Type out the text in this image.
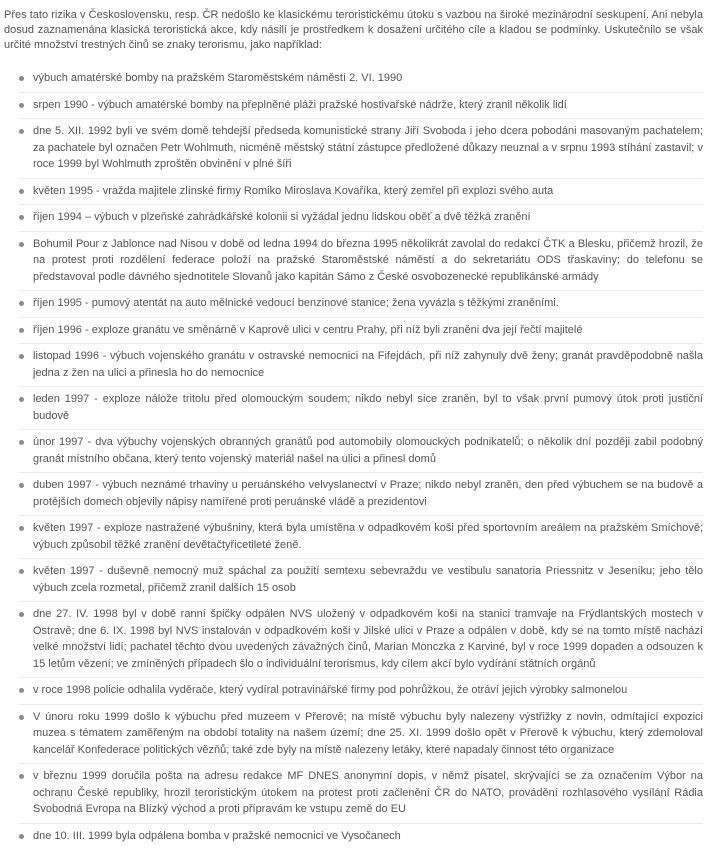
Přes tato rizika v Československu, resp. ČR nedošlo ke klasickému teroristickému útoku s vazbou na široké mezinárodní seskupení. Ani nebyla dosud zaznamenána klasická teroristická akce, kdy násilí je prostředkem k dosažení určitého cíle a kladou se podmínky. Uskutečnilo se však určité množství trestných činů se znaky terorismu, jako například:

výbuch amatérské bomby na pražském Staroměstském náměstí 2. VI. 1990
srpen 1990 - výbuch amatérské bomby na přeplněné pláži pražské hostivařské nádrže, který zranil několik lidí
dne 5. XII. 1992 byli ve svém domě tehdejší předseda komunistické strany Jiří Svoboda i jeho dcera pobodáni masovaným pachatelem; za pachatele byl označen Petr Wohlmuth, nicméně městský státní zástupce předložené důkazy neuznal a v srpnu 1993 stíhání zastavil; v roce 1999 byl Wohlmuth zproštěn obvinění v plné šíři
květen 1995 - vražda majitele zlínské firmy Romiko Miroslava Kovaříka, který zemřel při explozi svého auta
říjen 1994 – výbuch v plzeňské zahrádkářské kolonii si vyžádal jednu lidskou oběť a dvě těžká zranění
Bohumil Pour z Jablonce nad Nisou v době od ledna 1994 do března 1995 několikrát zavolal do redakcí ČTK a Blesku, přičemž hrozil, že na protest proti rozdělení federace položí na pražské Staroměstské náměstí a do sekretariátu ODS třaskaviny; do telefonu se představoval podle dávného sjednotitele Slovanů jako kapitán Sámo z České osvobozenecké republikánské armády
říjen 1995 - pumový atentát na auto mělnické vedoucí benzinové stanice; žena vyvázla s těžkými zraněními.
říjen 1996 - exploze granátu ve směnárně v Kaprově ulici v centru Prahy, při níž byli zraněni dva její řečtí majitelé
listopad 1996 - výbuch vojenského granátu v ostravské nemocnici na Fifejdách, při níž zahynuly dvě ženy; granát pravděpodobně našla jedna z žen na ulici a přinesla ho do nemocnice
leden 1997 - exploze nálože tritolu před olomouckým soudem; nikdo nebyl sice zraněn, byl to však první pumový útok proti justiční budově
únor 1997 - dva výbuchy vojenských obranných granátů pod automobily olomouckých podnikatelů; o několik dní později zabil podobný granát místního občana, který tento vojenský materiál našel na ulici a přinesl domů
duben 1997 - výbuch neznámé trhaviny u peruánského velvyslanectví v Praze; nikdo nebyl zraněn, den před výbuchem se na budově a protějších domech objevily nápisy namířené proti peruánské vládě a prezidentovi
květen 1997 - exploze nastražené výbušniny, která byla umístěna v odpadkovém koši před sportovním areálem na pražském Smíchově; výbuch způsobil těžké zranění devětačtyřicetileté ženě.
květen 1997 - duševně nemocný muž spáchal za použití semtexu sebevraždu ve vestibulu sanatoria Priessnitz v Jeseníku; jeho tělo výbuch zcela rozmetal, přičemž zranil dalších 15 osob
dne 27. IV. 1998 byl v době ranní špičky odpálen NVS uložený v odpadkovém koši na stanici tramvaje na Frýdlantských mostech v Ostravě; dne 6. IX. 1998 byl NVS instalován v odpadkovém koši v Jilské ulici v Praze a odpálen v době, kdy se na tomto místě nachází velké množství lidí; pachatel těchto dvou uvedených závažných činů, Marian Monczka z Karviné, byl v roce 1999 dopaden a odsouzen k 15 letům vězení; ve zmíněných případech šlo o individuální terorismus, kdy cílem akcí bylo vydírání státních orgánů
v roce 1998 policie odhalila vyděrače, který vydíral potravinářské firmy pod pohrůžkou, že otráví jejich výrobky salmonelou
V únoru roku 1999 došlo k výbuchu před muzeem v Přerově; na místě výbuchu byly nalezeny výstřižky z novin, odmítající expozici muzea s tématem zaměřeným na období totality na našem území; dne 25. XI. 1999 došlo opět v Přerově k výbuchu, který zdemoloval kancelář Konfederace politických vězňů; také zde byly na místě nalezeny letáky, které napadaly činnost této organizace
v březnu 1999 doručila pošta na adresu redakce MF DNES anonymní dopis, v němž pisatel, skrývající se za označením Výbor na ochranu České republiky, hrozil teroristickým útokem na protest proti začlenění ČR do NATO, provádění rozhlasového vysílání Rádia Svobodná Evropa na Blízký východ a proti přípravám ke vstupu země do EU
dne 10. III. 1999 byla odpálena bomba v pražské nemocnici ve Vysočanech
